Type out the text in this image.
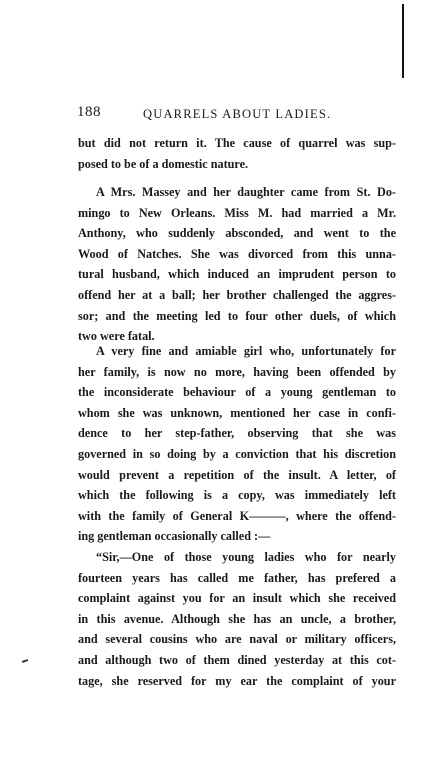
188	QUARRELS ABOUT LADIES.
but did not return it. The cause of quarrel was sup-
posed to be of a domestic nature.
A Mrs. Massey and her daughter came from St. Do-
mingo to New Orleans. Miss M. had married a Mr.
Anthony, who suddenly absconded, and went to the
Wood of Natches. She was divorced from this unna-
tural husband, which induced an imprudent person to
offend her at a ball; her brother challenged the aggres-
sor; and the meeting led to four other duels, of which
two were fatal.
A very fine and amiable girl who, unfortunately for
her family, is now no more, having been offended by
the inconsiderate behaviour of a young gentleman to
whom she was unknown, mentioned her case in confi-
dence to her step-father, observing that she was
governed in so doing by a conviction that his discretion
would prevent a repetition of the insult. A letter, of
which the following is a copy, was immediately left
with the family of General K———, where the offend-
ing gentleman occasionally called :—
“Sir,—One of those young ladies who for nearly
fourteen years has called me father, has prefered a
complaint against you for an insult which she received
in this avenue. Although she has an uncle, a brother,
and several cousins who are naval or military officers,
and although two of them dined yesterday at this cot-
tage, she reserved for my ear the complaint of your
